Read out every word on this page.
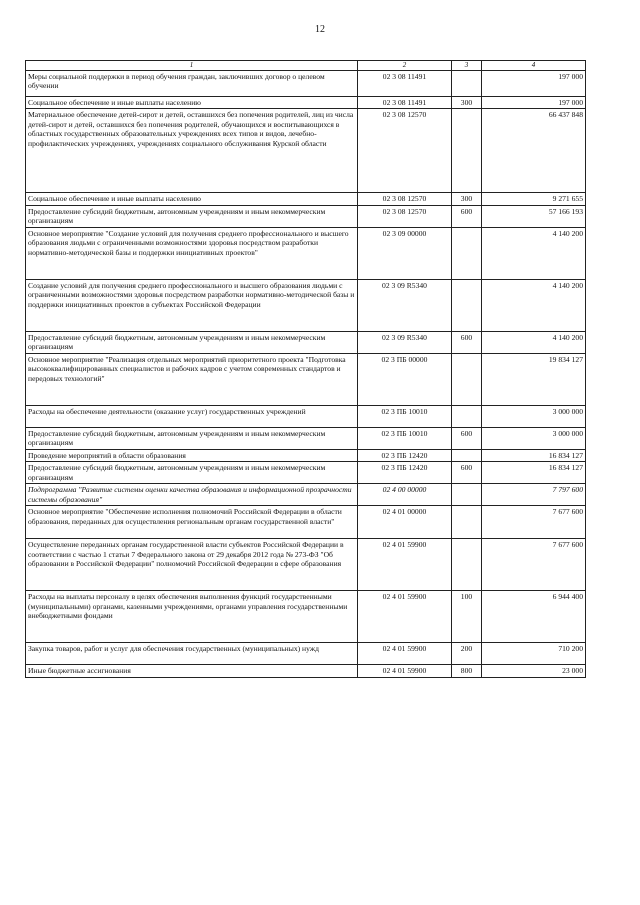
12
1	2	3	4
Меры социальной поддержки в период обучения граждан, заключивших договор о целевом обучении	02 3 08 11491		197 000
Социальное обеспечение и иные выплаты населению	02 3 08 11491	300	197 000
Материальное обеспечение детей-сирот и детей, оставшихся без попечения родителей, лиц из числа детей-сирот и детей, оставшихся без попечения родителей, обучающихся и воспитывающихся в областных государственных образовательных учреждениях всех типов и видов, лечебно-профилактических учреждениях, учреждениях социального обслуживания Курской области	02 3 08 12570		66 437 848
Социальное обеспечение и иные выплаты населению	02 3 08 12570	300	9 271 655
Предоставление субсидий бюджетным, автономным учреждениям и иным некоммерческим организациям	02 3 08 12570	600	57 166 193
Основное мероприятие "Создание условий для получения среднего профессионального и высшего образования людьми с ограниченными возможностями здоровья посредством разработки нормативно-методической базы и поддержки инициативных проектов"	02 3 09 00000		4 140 200
Создание условий для получения среднего профессионального и высшего образования людьми с ограниченными возможностями здоровья посредством разработки нормативно-методической базы и поддержки инициативных проектов в субъектах Российской Федерации	02 3 09 R5340		4 140 200
Предоставление субсидий бюджетным, автономным учреждениям и иным некоммерческим организациям	02 3 09 R5340	600	4 140 200
Основное мероприятие "Реализация отдельных мероприятий приоритетного проекта "Подготовка высококвалифицированных специалистов и рабочих кадров с учетом современных стандартов и передовых технологий"	02 3 ПБ 00000		19 834 127
Расходы на обеспечение деятельности (оказание услуг) государственных учреждений	02 3 ПБ 10010		3 000 000
Предоставление субсидий бюджетным, автономным учреждениям и иным некоммерческим организациям	02 3 ПБ 10010	600	3 000 000
Проведение мероприятий в области образования	02 3 ПБ 12420		16 834 127
Предоставление субсидий бюджетным, автономным учреждениям и иным некоммерческим организациям	02 3 ПБ 12420	600	16 834 127
Подпрограмма "Развитие системы оценки качества образования и информационной прозрачности системы образования"	02 4 00 00000		7 797 600
Основное мероприятие "Обеспечение исполнения полномочий Российской Федерации в области образования, переданных для осуществления региональным органам государственной власти"	02 4 01 00000		7 677 600
Осуществление переданных органам государственной власти субъектов Российской Федерации в соответствии с частью 1 статьи 7 Федерального закона от 29 декабря 2012 года № 273-ФЗ "Об образовании в Российской Федерации" полномочий Российской Федерации в сфере образования	02 4 01 59900		7 677 600
Расходы на выплаты персоналу в целях обеспечения выполнения функций государственными (муниципальными) органами, казенными учреждениями, органами управления государственными внебюджетными фондами	02 4 01 59900	100	6 944 400
Закупка товаров, работ и услуг для обеспечения государственных (муниципальных) нужд	02 4 01 59900	200	710 200
Иные бюджетные ассигнования	02 4 01 59900	800	23 000
